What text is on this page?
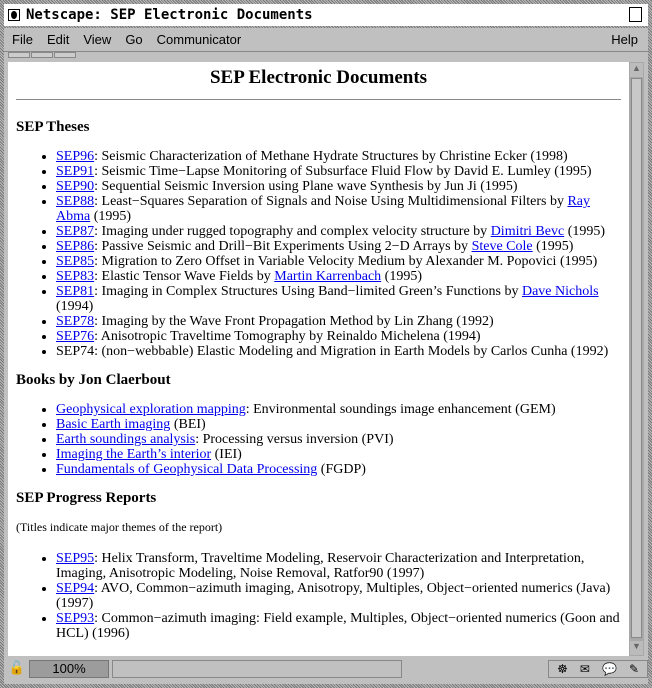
Netscape: SEP Electronic Documents
File Edit View Go Communicator	Help
SEP Electronic Documents
SEP Theses
• SEP96: Seismic Characterization of Methane Hydrate Structures by Christine Ecker (1998)
• SEP91: Seismic Time−Lapse Monitoring of Subsurface Fluid Flow by David E. Lumley (1995)
• SEP90: Sequential Seismic Inversion using Plane wave Synthesis by Jun Ji (1995)
• SEP88: Least−Squares Separation of Signals and Noise Using Multidimensional Filters by Ray Abma (1995)
• SEP87: Imaging under rugged topography and complex velocity structure by Dimitri Bevc (1995)
• SEP86: Passive Seismic and Drill−Bit Experiments Using 2−D Arrays by Steve Cole (1995)
• SEP85: Migration to Zero Offset in Variable Velocity Medium by Alexander M. Popovici (1995)
• SEP83: Elastic Tensor Wave Fields by Martin Karrenbach (1995)
• SEP81: Imaging in Complex Structures Using Band−limited Green’s Functions by Dave Nichols (1994)
• SEP78: Imaging by the Wave Front Propagation Method by Lin Zhang (1992)
• SEP76: Anisotropic Traveltime Tomography by Reinaldo Michelena (1994)
• SEP74: (non−webbable) Elastic Modeling and Migration in Earth Models by Carlos Cunha (1992)
Books by Jon Claerbout
• Geophysical exploration mapping: Environmental soundings image enhancement (GEM)
• Basic Earth imaging (BEI)
• Earth soundings analysis: Processing versus inversion (PVI)
• Imaging the Earth’s interior (IEI)
• Fundamentals of Geophysical Data Processing (FGDP)
SEP Progress Reports
(Titles indicate major themes of the report)
• SEP95: Helix Transform, Traveltime Modeling, Reservoir Characterization and Interpretation, Imaging, Anisotropic Modeling, Noise Removal, Ratfor90 (1997)
• SEP94: AVO, Common−azimuth imaging, Anisotropy, Multiples, Object−oriented numerics (Java) (1997)
• SEP93: Common−azimuth imaging: Field example, Multiples, Object−oriented numerics (Goon and HCL) (1996)
▲
▼
🔓	100%	☸ ✉ 💬 ✎
